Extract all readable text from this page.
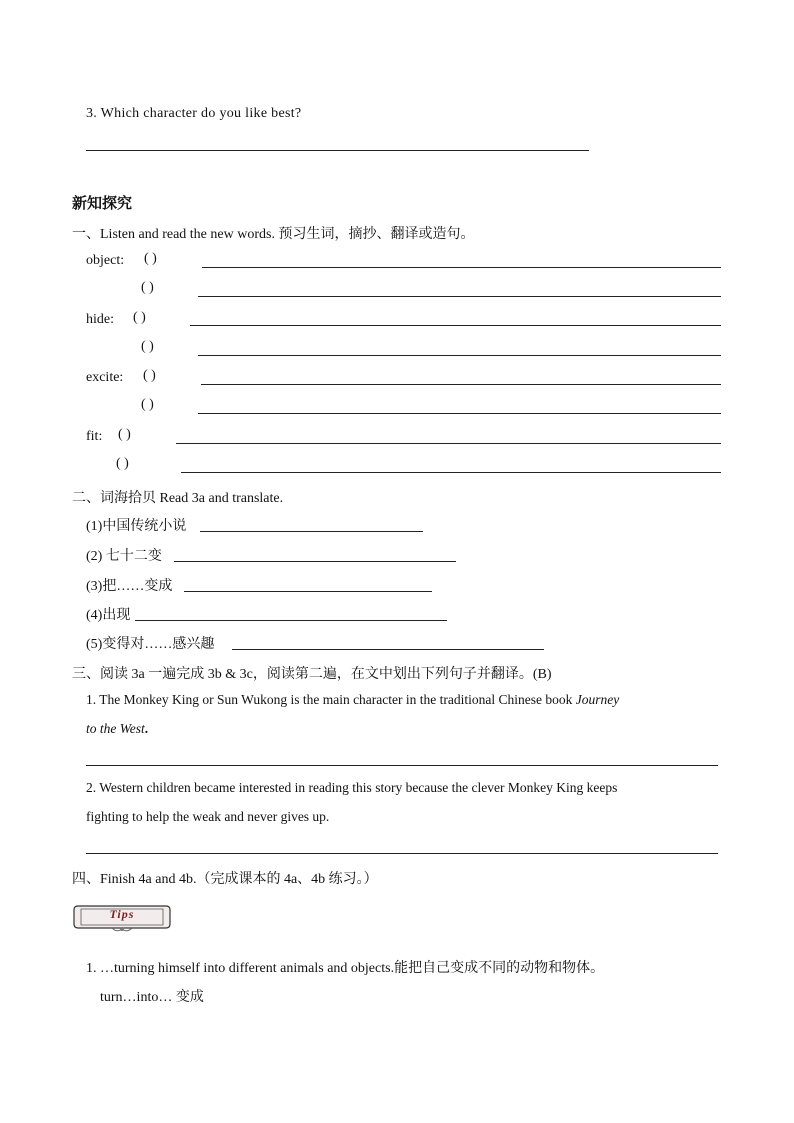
3. Which character do you like best?
新知探究
一、Listen and read the new words. 预习生词，摘抄、翻译或造句。
object: ( )
( )
hide: ( )
( )
excite: ( )
( )
fit: ( )
( )
二、词海拾贝 Read 3a and translate.
(1)中国传统小说
(2) 七十二变
(3)把……变成
(4)出现
(5)变得对……感兴趣
三、阅读 3a 一遍完成 3b & 3c，阅读第二遍，在文中划出下列句子并翻译。(B)
1. The Monkey King or Sun Wukong is the main character in the traditional Chinese book Journey
to the West.
2. Western children became interested in reading this story because the clever Monkey King keeps
fighting to help the weak and never gives up.
四、Finish 4a and 4b.（完成课本的 4a、4b 练习。）
Tips
1. …turning himself into different animals and objects.能把自己变成不同的动物和物体。
turn…into… 变成
